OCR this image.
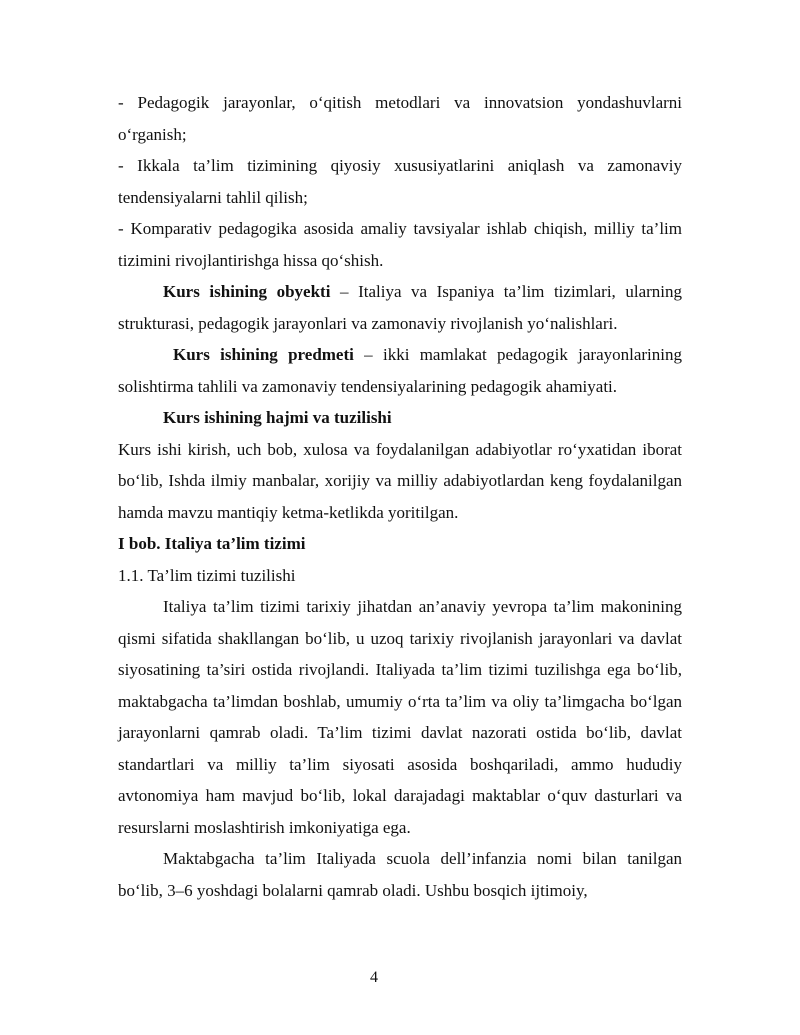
- Pedagogik jarayonlar, o‘qitish metodlari va innovatsion yondashuvlarni o‘rganish;

- Ikkala ta’lim tizimining qiyosiy xususiyatlarini aniqlash va zamonaviy tendensiyalarni tahlil qilish;

- Komparativ pedagogika asosida amaliy tavsiyalar ishlab chiqish, milliy ta’lim tizimini rivojlantirishga hissa qo‘shish.

Kurs ishining obyekti – Italiya va Ispaniya ta’lim tizimlari, ularning strukturasi, pedagogik jarayonlari va zamonaviy rivojlanish yo‘nalishlari.

Kurs ishining predmeti – ikki mamlakat pedagogik jarayonlarining solishtirma tahlili va zamonaviy tendensiyalarining pedagogik ahamiyati.

Kurs ishining hajmi va tuzilishi

Kurs ishi kirish, uch bob, xulosa va foydalanilgan adabiyotlar ro‘yxatidan iborat bo‘lib, Ishda ilmiy manbalar, xorijiy va milliy adabiyotlardan keng foydalanilgan hamda mavzu mantiqiy ketma-ketlikda yoritilgan.

I bob. Italiya ta’lim tizimi

1.1. Ta’lim tizimi tuzilishi

Italiya ta’lim tizimi tarixiy jihatdan an’anaviy yevropa ta’lim makonining qismi sifatida shakllangan bo‘lib, u uzoq tarixiy rivojlanish jarayonlari va davlat siyosatining ta’siri ostida rivojlandi. Italiyada ta’lim tizimi tuzilishga ega bo‘lib, maktabgacha ta’limdan boshlab, umumiy o‘rta ta’lim va oliy ta’limgacha bo‘lgan jarayonlarni qamrab oladi. Ta’lim tizimi davlat nazorati ostida bo‘lib, davlat standartlari va milliy ta’lim siyosati asosida boshqariladi, ammo hududiy avtonomiya ham mavjud bo‘lib, lokal darajadagi maktablar o‘quv dasturlari va resurslarni moslashtirish imkoniyatiga ega.

Maktabgacha ta’lim Italiyada scuola dell’infanzia nomi bilan tanilgan bo‘lib, 3–6 yoshdagi bolalarni qamrab oladi. Ushbu bosqich ijtimoiy,

4
